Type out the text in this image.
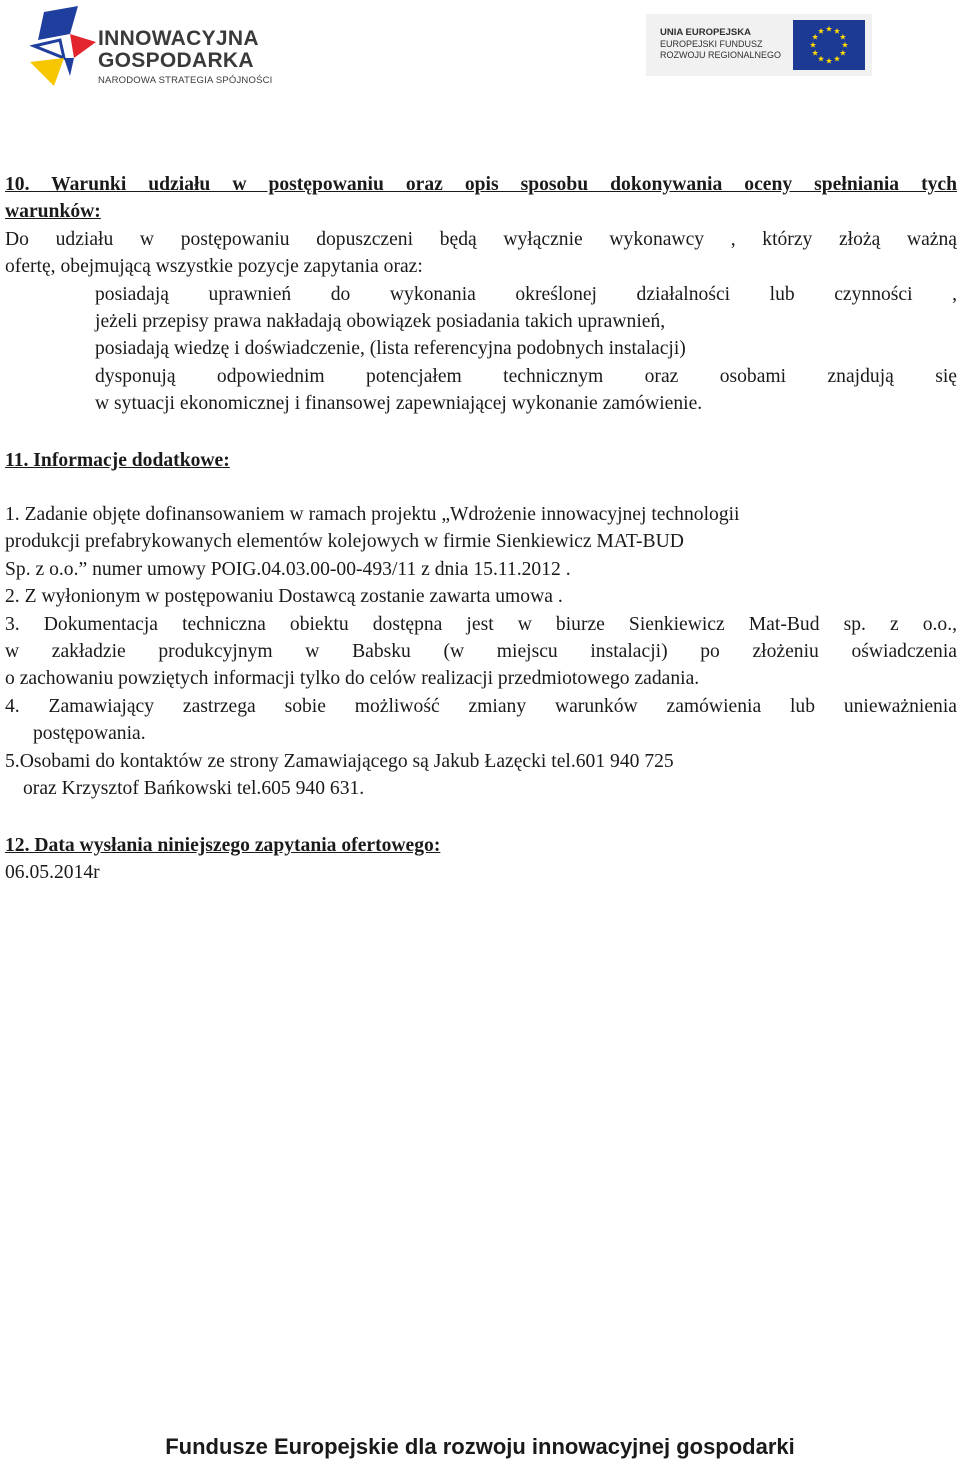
INNOWACYJNA
GOSPODARKA
NARODOWA STRATEGIA SPÓJNOŚCI
UNIA EUROPEJSKA
EUROPEJSKI FUNDUSZ
ROZWOJU REGIONALNEGO
10. Warunki udziału w postępowaniu oraz opis sposobu dokonywania oceny spełniania tych
warunków:
Do udziału w postępowaniu dopuszczeni będą wyłącznie wykonawcy , którzy złożą ważną
ofertę, obejmującą wszystkie pozycje zapytania oraz:
posiadają uprawnień do wykonania określonej działalności lub czynności ,
jeżeli przepisy prawa nakładają obowiązek posiadania takich uprawnień,
posiadają wiedzę i doświadczenie, (lista referencyjna podobnych instalacji)
dysponują odpowiednim potencjałem technicznym oraz osobami znajdują się
w sytuacji ekonomicznej i finansowej zapewniającej wykonanie zamówienie.
11. Informacje dodatkowe:
1. Zadanie objęte dofinansowaniem w ramach projektu „Wdrożenie innowacyjnej technologii
produkcji prefabrykowanych elementów kolejowych w firmie Sienkiewicz MAT-BUD
Sp. z o.o.” numer umowy POIG.04.03.00-00-493/11 z dnia 15.11.2012 .
2. Z wyłonionym w postępowaniu Dostawcą zostanie zawarta umowa .
3. Dokumentacja techniczna obiektu dostępna jest w biurze Sienkiewicz Mat-Bud sp. z o.o.,
w zakładzie produkcyjnym w Babsku (w miejscu instalacji) po złożeniu oświadczenia
o zachowaniu powziętych informacji tylko do celów realizacji przedmiotowego zadania.
4. Zamawiający zastrzega sobie możliwość zmiany warunków zamówienia lub unieważnienia
postępowania.
5.Osobami do kontaktów ze strony Zamawiającego są Jakub Łazęcki tel.601 940 725
oraz Krzysztof Bańkowski tel.605 940 631.
12. Data wysłania niniejszego zapytania ofertowego:
06.05.2014r
Fundusze Europejskie dla rozwoju innowacyjnej gospodarki
